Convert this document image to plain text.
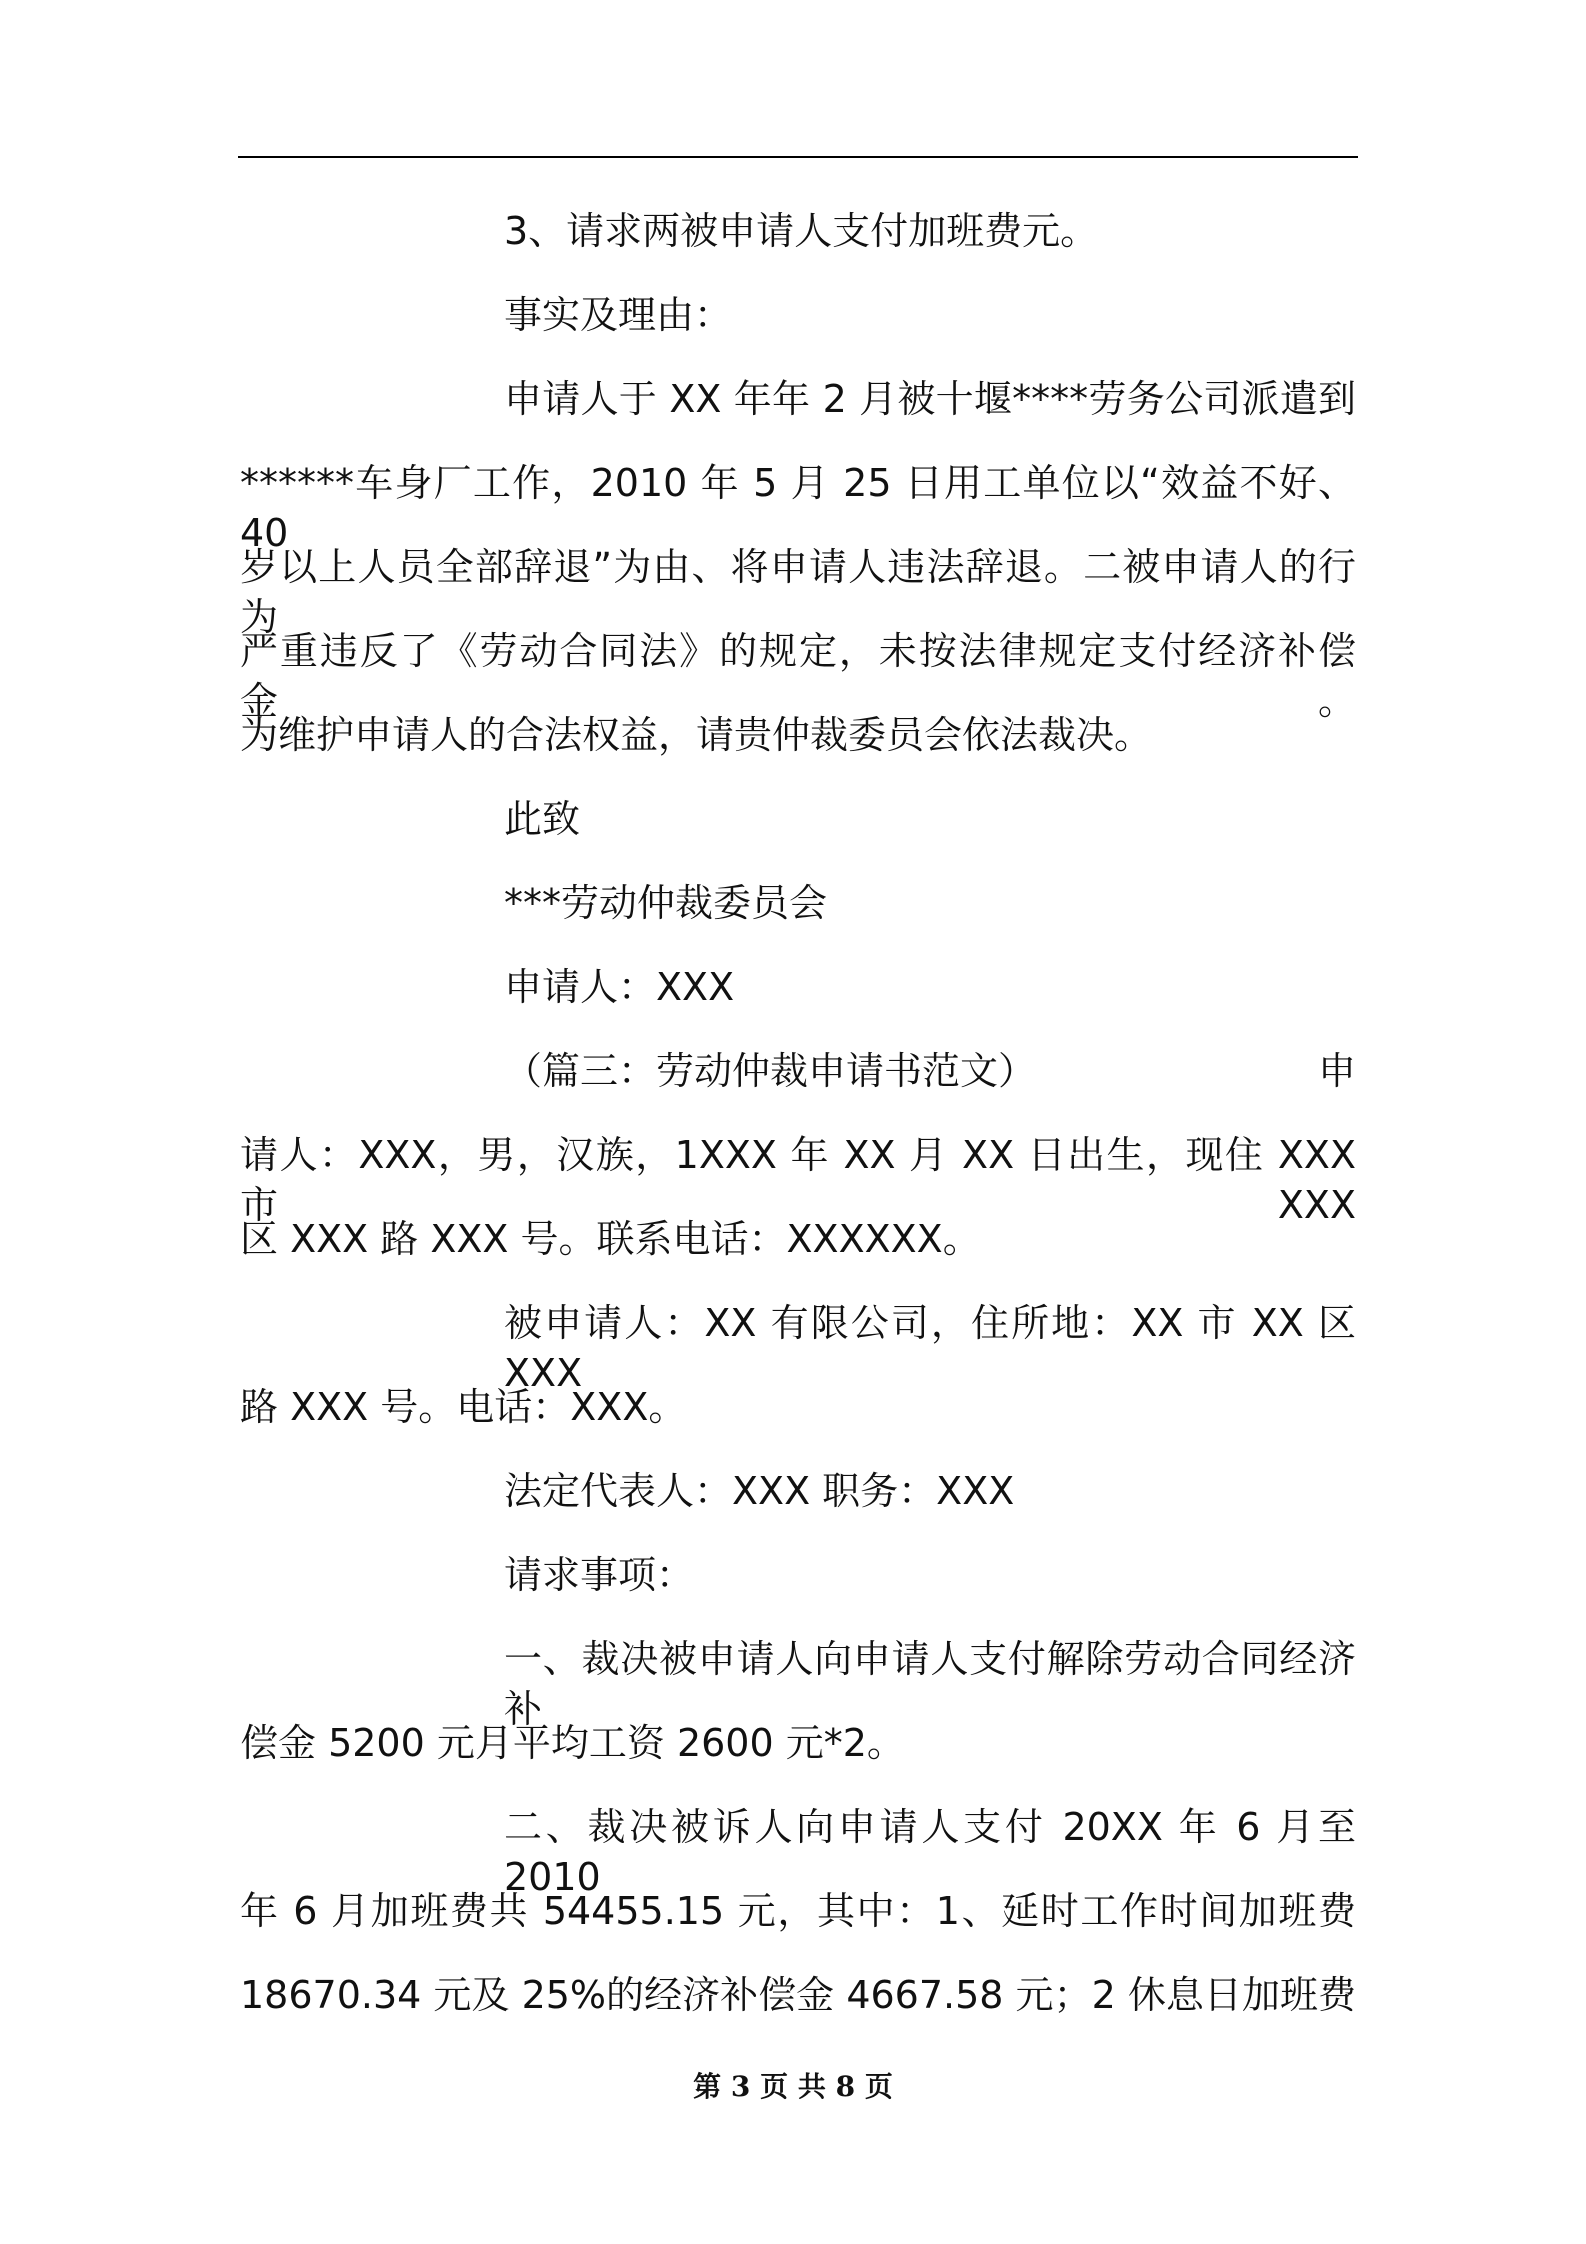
3、请求两被申请人支付加班费元。
事实及理由：
申请人于 XX 年年 2 月被十堰****劳务公司派遣到
******车身厂工作，2010 年 5 月 25 日用工单位以“效益不好、40
岁以上人员全部辞退”为由、将申请人违法辞退。二被申请人的行为
严重违反了《劳动合同法》的规定，未按法律规定支付经济补偿金。
为维护申请人的合法权益，请贵仲裁委员会依法裁决。
此致
***劳动仲裁委员会
申请人：XXX
（篇三：劳动仲裁申请书范文）	申
请人：XXX，男，汉族，1XXX 年 XX 月 XX 日出生，现住 XXX 市 XXX
区 XXX 路 XXX 号。联系电话：XXXXXX。
被申请人：XX 有限公司，住所地：XX 市 XX 区 XXX
路 XXX 号。电话：XXX。
法定代表人：XXX 职务：XXX
请求事项：
一、裁决被申请人向申请人支付解除劳动合同经济补
偿金 5200 元月平均工资 2600 元*2。
二、裁决被诉人向申请人支付 20XX 年 6 月至 2010
年 6 月加班费共 54455.15 元，其中：1、延时工作时间加班费
18670.34 元及 25%的经济补偿金 4667.58 元；2 休息日加班费
第 3 页 共 8 页
